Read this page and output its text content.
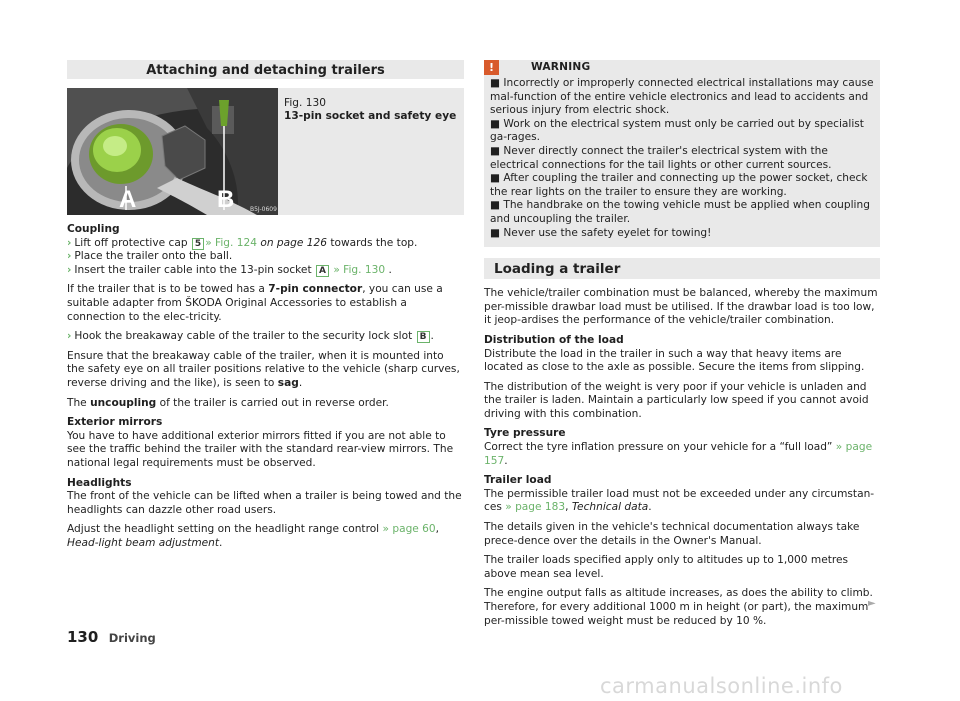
Attaching and detaching trailers
A	B	B5J-0609
Fig. 130
13-pin socket and safety eye
Coupling
› Lift off protective cap 5 » Fig. 124 on page 126 towards the top.
› Place the trailer onto the ball.
› Insert the trailer cable into the 13-pin socket A » Fig. 130 .

If the trailer that is to be towed has a 7-pin connector, you can use a suitable adapter from ŠKODA Original Accessories to establish a connection to the elec-tricity.

› Hook the breakaway cable of the trailer to the security lock slot B .

Ensure that the breakaway cable of the trailer, when it is mounted into the safety eye on all trailer positions relative to the vehicle (sharp curves, reverse driving and the like), is seen to sag.

The uncoupling of the trailer is carried out in reverse order.

Exterior mirrors

You have to have additional exterior mirrors fitted if you are not able to see the traffic behind the trailer with the standard rear-view mirrors. The national legal requirements must be observed.

Headlights

The front of the vehicle can be lifted when a trailer is being towed and the headlights can dazzle other road users.

Adjust the headlight setting on the headlight range control » page 60, Head-light beam adjustment.

!	WARNING
■ Incorrectly or improperly connected electrical installations may cause mal-function of the entire vehicle electronics and lead to accidents and serious injury from electric shock.
■ Work on the electrical system must only be carried out by specialist ga-rages.
■ Never directly connect the trailer's electrical system with the electrical connections for the tail lights or other current sources.
■ After coupling the trailer and connecting up the power socket, check the rear lights on the trailer to ensure they are working.
■ The handbrake on the towing vehicle must be applied when coupling and uncoupling the trailer.
■ Never use the safety eyelet for towing!
Loading a trailer

The vehicle/trailer combination must be balanced, whereby the maximum per-missible drawbar load must be utilised. If the drawbar load is too low, it jeop-ardises the performance of the vehicle/trailer combination.

Distribution of the load

Distribute the load in the trailer in such a way that heavy items are located as close to the axle as possible. Secure the items from slipping.

The distribution of the weight is very poor if your vehicle is unladen and the trailer is laden. Maintain a particularly low speed if you cannot avoid driving with this combination.

Tyre pressure

Correct the tyre inflation pressure on your vehicle for a “full load” » page 157.

Trailer load

The permissible trailer load must not be exceeded under any circumstan-ces » page 183, Technical data.

The details given in the vehicle's technical documentation always take prece-dence over the details in the Owner's Manual.

The trailer loads specified apply only to altitudes up to 1,000 metres above mean sea level.

The engine output falls as altitude increases, as does the ability to climb. Therefore, for every additional 1000 m in height (or part), the maximum per-missible towed weight must be reduced by 10 %.

►
130 Driving
carmanualsonline.info
